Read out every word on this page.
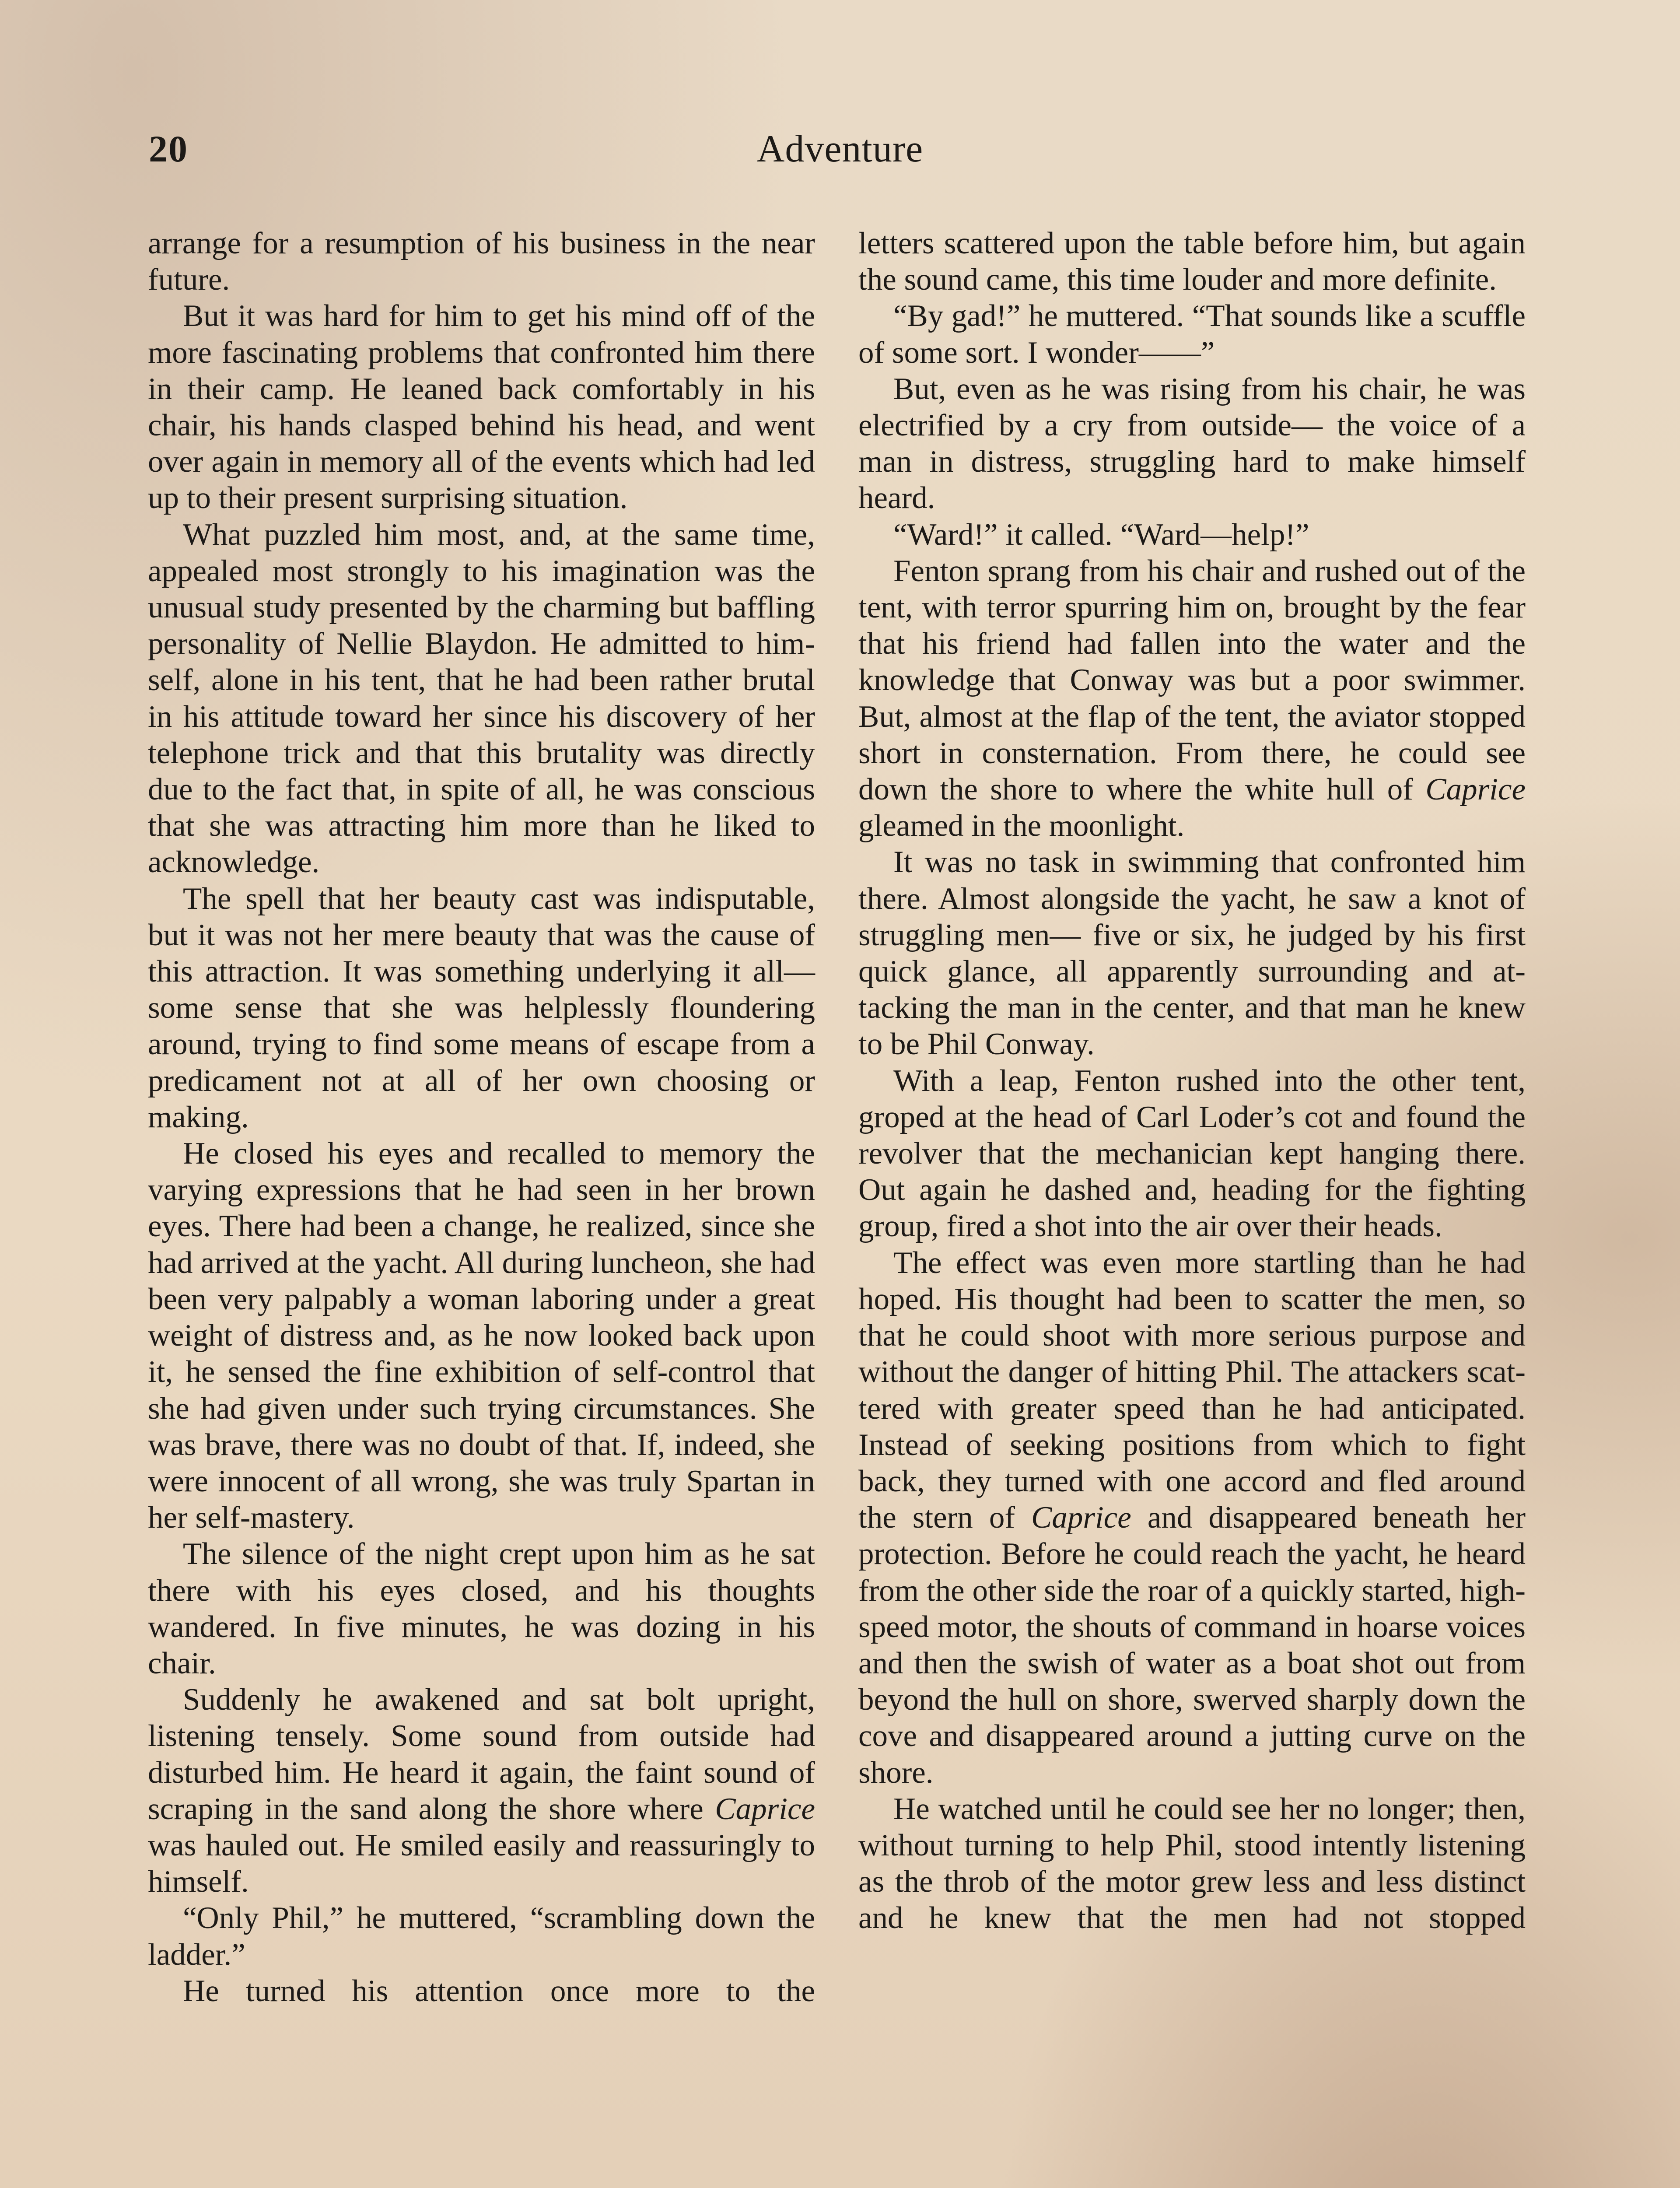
20	Adventure

arrange for a resumption of his business in the near future.

But it was hard for him to get his mind off of the more fascinating problems that confronted him there in their camp. He leaned back comfortably in his chair, his hands clasped behind his head, and went over again in memory all of the events which had led up to their present surprising situation.

What puzzled him most, and, at the same time, appealed most strongly to his imagination was the unusual study presented by the charming but baffling personality of Nellie Blaydon. He admitted to himself, alone in his tent, that he had been rather brutal in his attitude toward her since his discovery of her telephone trick and that this brutality was directly due to the fact that, in spite of all, he was conscious that she was attracting him more than he liked to acknowledge.

The spell that her beauty cast was indisputable, but it was not her mere beauty that was the cause of this attraction. It was something underlying it all—some sense that she was helplessly floundering around, trying to find some means of escape from a predicament not at all of her own choosing or making.

He closed his eyes and recalled to memory the varying expressions that he had seen in her brown eyes. There had been a change, he realized, since she had arrived at the yacht. All during luncheon, she had been very palpably a woman laboring under a great weight of distress and, as he now looked back upon it, he sensed the fine exhibition of self-control that she had given under such trying circumstances. She was brave, there was no doubt of that. If, indeed, she were innocent of all wrong, she was truly Spartan in her self-mastery.

The silence of the night crept upon him as he sat there with his eyes closed, and his thoughts wandered. In five minutes, he was dozing in his chair.

Suddenly he awakened and sat bolt upright, listening tensely. Some sound from outside had disturbed him. He heard it again, the faint sound of scraping in the sand along the shore where Caprice was hauled out. He smiled easily and reassuringly to himself.

“Only Phil,” he muttered, “scrambling down the ladder.”

He turned his attention once more to the

letters scattered upon the table before him, but again the sound came, this time louder and more definite.

“By gad!” he muttered. “That sounds like a scuffle of some sort. I wonder——”

But, even as he was rising from his chair, he was electrified by a cry from outside— the voice of a man in distress, struggling hard to make himself heard.

“Ward!” it called. “Ward—help!”

Fenton sprang from his chair and rushed out of the tent, with terror spurring him on, brought by the fear that his friend had fallen into the water and the knowledge that Conway was but a poor swimmer. But, almost at the flap of the tent, the aviator stopped short in consternation. From there, he could see down the shore to where the white hull of Caprice gleamed in the moonlight.

It was no task in swimming that confronted him there. Almost alongside the yacht, he saw a knot of struggling men— five or six, he judged by his first quick glance, all apparently surrounding and attacking the man in the center, and that man he knew to be Phil Conway.

With a leap, Fenton rushed into the other tent, groped at the head of Carl Loder’s cot and found the revolver that the mechanician kept hanging there. Out again he dashed and, heading for the fighting group, fired a shot into the air over their heads.

The effect was even more startling than he had hoped. His thought had been to scatter the men, so that he could shoot with more serious purpose and without the danger of hitting Phil. The attackers scattered with greater speed than he had anticipated. Instead of seeking positions from which to fight back, they turned with one accord and fled around the stern of Caprice and disappeared beneath her protection. Before he could reach the yacht, he heard from the other side the roar of a quickly started, high-speed motor, the shouts of command in hoarse voices and then the swish of water as a boat shot out from beyond the hull on shore, swerved sharply down the cove and disappeared around a jutting curve on the shore.

He watched until he could see her no longer; then, without turning to help Phil, stood intently listening as the throb of the motor grew less and less distinct and he knew that the men had not stopped
